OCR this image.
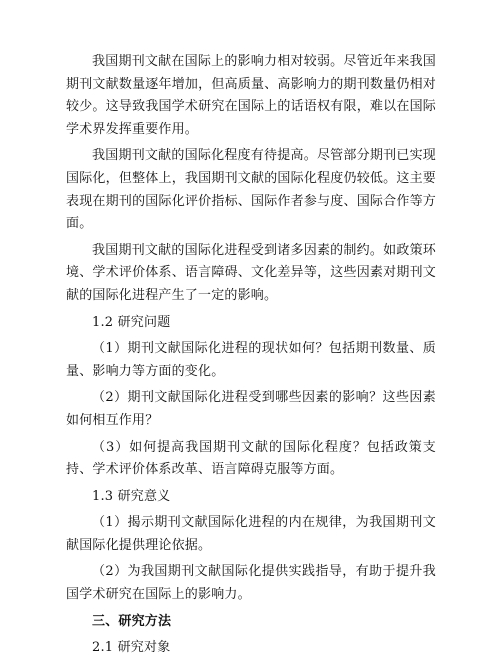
我国期刊文献在国际上的影响力相对较弱。尽管近年来我国期刊文献数量逐年增加，但高质量、高影响力的期刊数量仍相对较少。这导致我国学术研究在国际上的话语权有限，难以在国际学术界发挥重要作用。

我国期刊文献的国际化程度有待提高。尽管部分期刊已实现国际化，但整体上，我国期刊文献的国际化程度仍较低。这主要表现在期刊的国际化评价指标、国际作者参与度、国际合作等方面。

我国期刊文献的国际化进程受到诸多因素的制约。如政策环境、学术评价体系、语言障碍、文化差异等，这些因素对期刊文献的国际化进程产生了一定的影响。

1.2 研究问题

（1）期刊文献国际化进程的现状如何？包括期刊数量、质量、影响力等方面的变化。

（2）期刊文献国际化进程受到哪些因素的影响？这些因素如何相互作用？

（3）如何提高我国期刊文献的国际化程度？包括政策支持、学术评价体系改革、语言障碍克服等方面。

1.3 研究意义

（1）揭示期刊文献国际化进程的内在规律，为我国期刊文献国际化提供理论依据。

（2）为我国期刊文献国际化提供实践指导，有助于提升我国学术研究在国际上的影响力。

三、研究方法

2.1 研究对象
